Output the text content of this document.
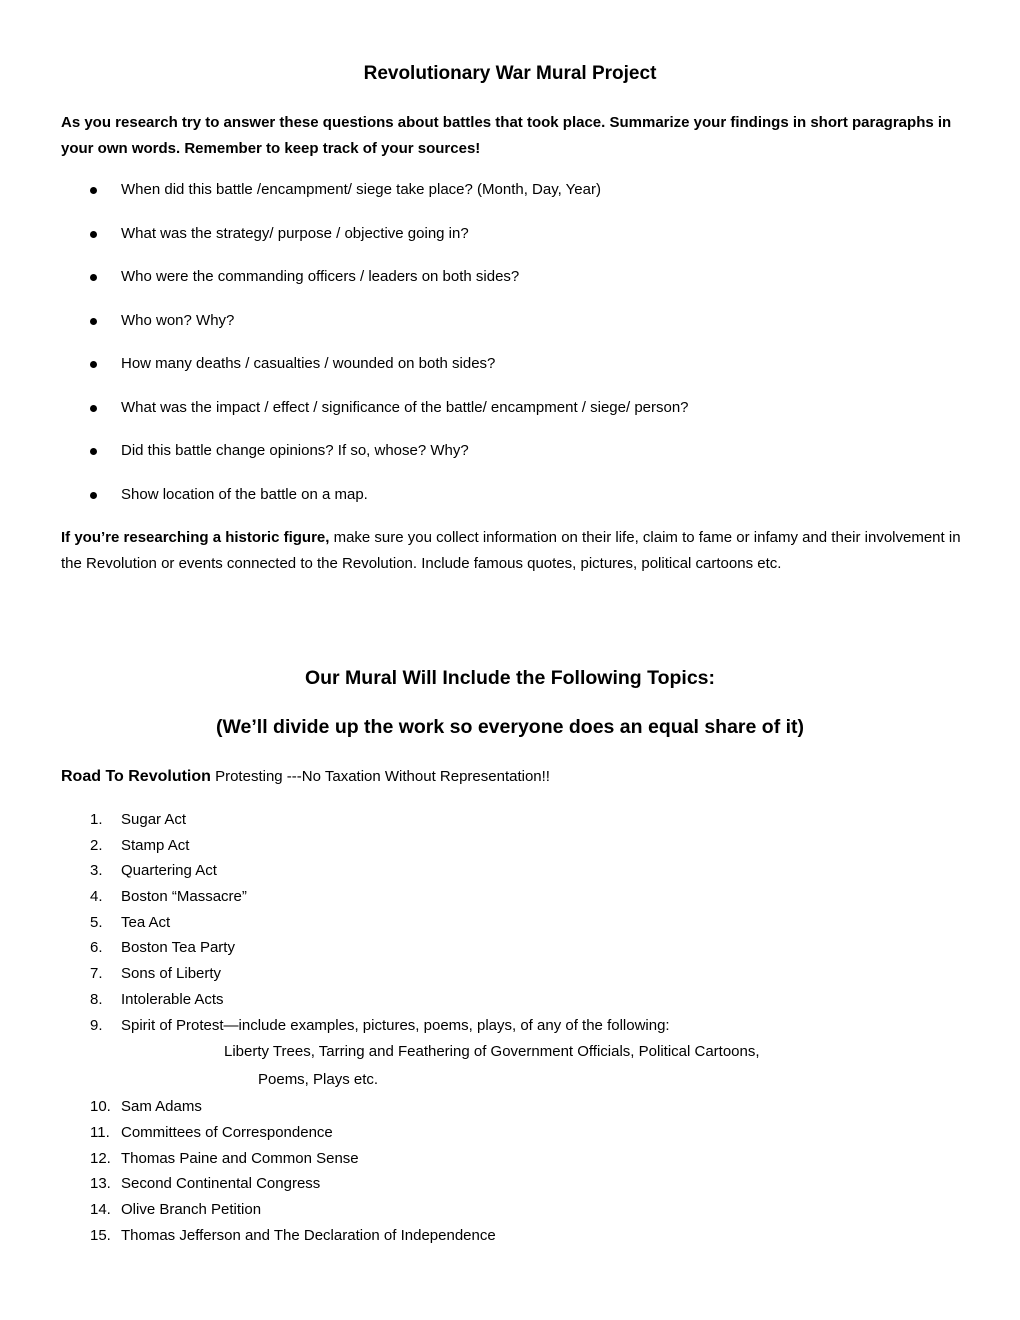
Revolutionary War Mural Project
As you research try to answer these questions about battles that took place. Summarize your findings in short paragraphs in your own words. Remember to keep track of your sources!
When did this battle /encampment/ siege take place? (Month, Day, Year)
What was the strategy/ purpose / objective going in?
Who were the commanding officers / leaders on both sides?
Who won? Why?
How many deaths / casualties / wounded on both sides?
What was the impact / effect / significance of the battle/ encampment / siege/ person?
Did this battle change opinions? If so, whose? Why?
Show location of the battle on a map.
If you’re researching a historic figure, make sure you collect information on their life, claim to fame or infamy and their involvement in the Revolution or events connected to the Revolution. Include famous quotes, pictures, political cartoons etc.
Our Mural Will Include the Following Topics:
(We’ll divide up the work so everyone does an equal share of it)
Road To Revolution Protesting ---No Taxation Without Representation!!
1. Sugar Act
2. Stamp Act
3. Quartering Act
4. Boston “Massacre”
5. Tea Act
6. Boston Tea Party
7. Sons of Liberty
8. Intolerable Acts
9. Spirit of Protest—include examples, pictures, poems, plays, of any of the following:
Liberty Trees, Tarring and Feathering of Government Officials, Political Cartoons,
Poems, Plays etc.
10. Sam Adams
11. Committees of Correspondence
12. Thomas Paine and Common Sense
13. Second Continental Congress
14. Olive Branch Petition
15. Thomas Jefferson and The Declaration of Independence
